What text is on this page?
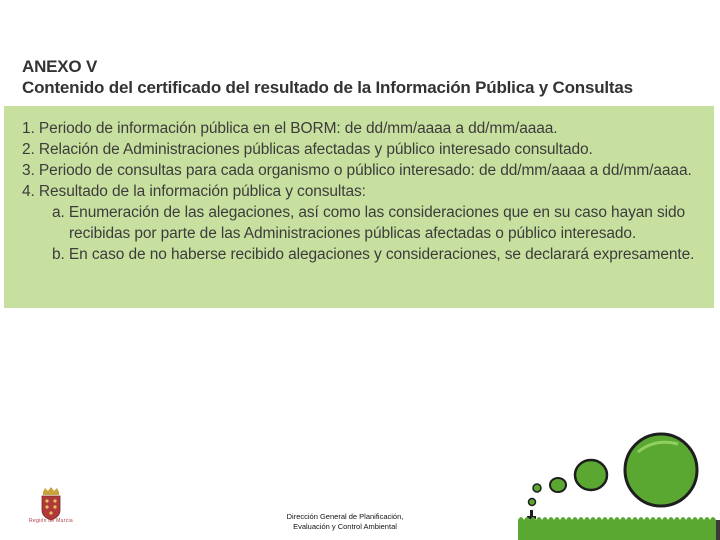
ANEXO V
Contenido del certificado del resultado de la Información Pública y Consultas
1. Periodo de información pública en el BORM: de dd/mm/aaaa a dd/mm/aaaa.
2. Relación de Administraciones públicas afectadas y público interesado consultado.
3. Periodo de consultas para cada organismo o público interesado: de dd/mm/aaaa a dd/mm/aaaa.
4. Resultado de la información pública y consultas:
a. Enumeración de las alegaciones, así como las consideraciones que en su caso hayan sido
recibidas por parte de las Administraciones públicas afectadas o público interesado.
b. En caso de no haberse recibido alegaciones y consideraciones, se declarará expresamente.
Región de Murcia	Dirección General de Planificación,
Evaluación y Control Ambiental
